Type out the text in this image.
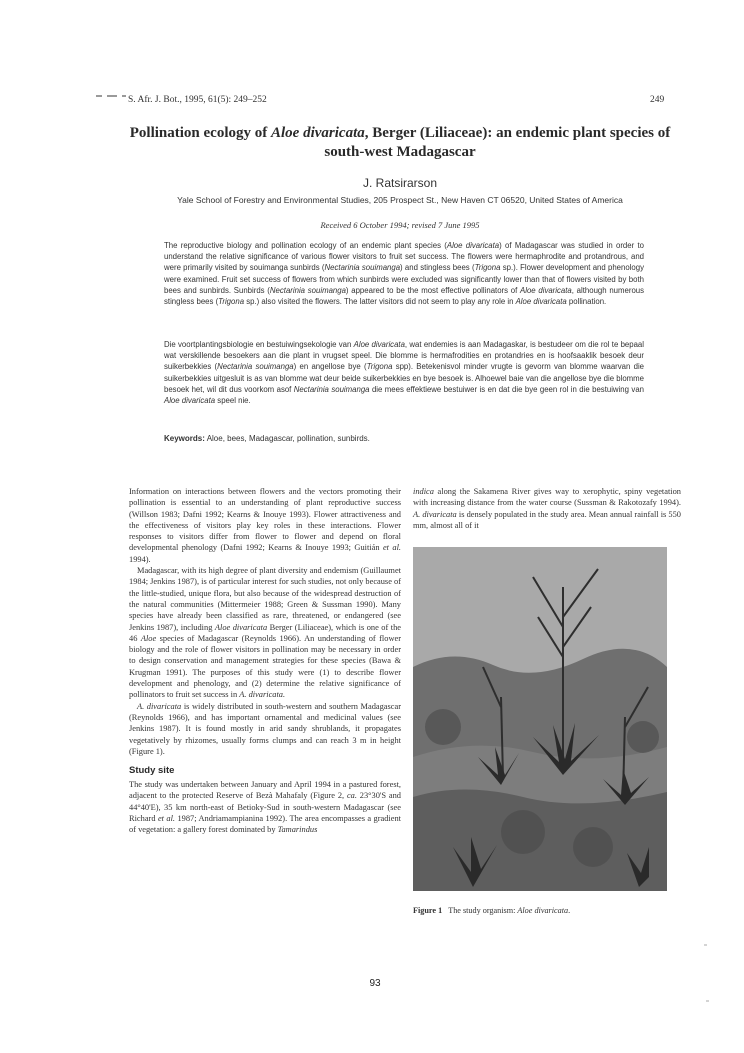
S. Afr. J. Bot., 1995, 61(5): 249–252	249
Pollination ecology of Aloe divaricata, Berger (Liliaceae): an endemic plant species of south-west Madagascar
J. Ratsirarson
Yale School of Forestry and Environmental Studies, 205 Prospect St., New Haven CT 06520, United States of America
Received 6 October 1994; revised 7 June 1995

The reproductive biology and pollination ecology of an endemic plant species (Aloe divaricata) of Madagascar was studied in order to understand the relative significance of various flower visitors to fruit set success. The flowers were hermaphrodite and protandrous, and were primarily visited by souimanga sunbirds (Nectarinia souimanga) and stingless bees (Trigona sp.). Flower development and phenology were examined. Fruit set success of flowers from which sunbirds were excluded was significantly lower than that of flowers visited by both bees and sunbirds. Sunbirds (Nectarinia souimanga) appeared to be the most effective pollinators of Aloe divaricata, although numerous stingless bees (Trigona sp.) also visited the flowers. The latter visitors did not seem to play any role in Aloe divaricata pollination.

Die voortplantingsbiologie en bestuiwingsekologie van Aloe divaricata, wat endemies is aan Madagaskar, is bestudeer om die rol te bepaal wat verskillende besoekers aan die plant in vrugset speel. Die blomme is hermafrodities en protandries en is hoofsaaklik besoek deur suikerbekkies (Nectarinia souimanga) en angellose bye (Trigona spp). Betekenisvol minder vrugte is gevorm van blomme waarvan die suikerbekkies uitgesluit is as van blomme wat deur beide suikerbekkies en bye besoek is. Alhoewel baie van die angellose bye die blomme besoek het, wil dit dus voorkom asof Nectarinia souimanga die mees effektiewe bestuiwer is en dat die bye geen rol in die bestuiwing van Aloe divaricata speel nie.

Keywords: Aloe, bees, Madagascar, pollination, sunbirds.

Information on interactions between flowers and the vectors promoting their pollination is essential to an understanding of plant reproductive success (Willson 1983; Dafni 1992; Kearns & Inouye 1993). Flower attractiveness and the effectiveness of visitors play key roles in these interactions. Flower responses to visitors differ from flower to flower and depend on floral developmental phenology (Dafni 1992; Kearns & Inouye 1993; Guitián et al. 1994).

Madagascar, with its high degree of plant diversity and endemism (Guillaumet 1984; Jenkins 1987), is of particular interest for such studies, not only because of the little-studied, unique flora, but also because of the widespread destruction of the natural communities (Mittermeier 1988; Green & Sussman 1990). Many species have already been classified as rare, threatened, or endangered (see Jenkins 1987), including Aloe divaricata Berger (Liliaceae), which is one of the 46 Aloe species of Madagascar (Reynolds 1966). An understanding of flower biology and the role of flower visitors in pollination may be necessary in order to design conservation and management strategies for these species (Bawa & Krugman 1991). The purposes of this study were (1) to describe flower development and phenology, and (2) determine the relative significance of pollinators to fruit set success in A. divaricata.

A. divaricata is widely distributed in south-western and southern Madagascar (Reynolds 1966), and has important ornamental and medicinal values (see Jenkins 1987). It is found mostly in arid sandy shrublands, it propagates vegetatively by rhizomes, usually forms clumps and can reach 3 m in height (Figure 1).

Study site

The study was undertaken between January and April 1994 in a pastured forest, adjacent to the protected Reserve of Bezà Mahafaly (Figure 2, ca. 23°30'S and 44°40'E), 35 km north-east of Betioky-Sud in south-western Madagascar (see Richard et al. 1987; Andriamampianina 1992). The area encompasses a gradient of vegetation: a gallery forest dominated by Tamarindus

indica along the Sakamena River gives way to xerophytic, spiny vegetation with increasing distance from the water course (Sussman & Rakotozafy 1994). A. divaricata is densely populated in the study area. Mean annual rainfall is 550 mm, almost all of it

Figure 1 The study organism: Aloe divaricata.
93
